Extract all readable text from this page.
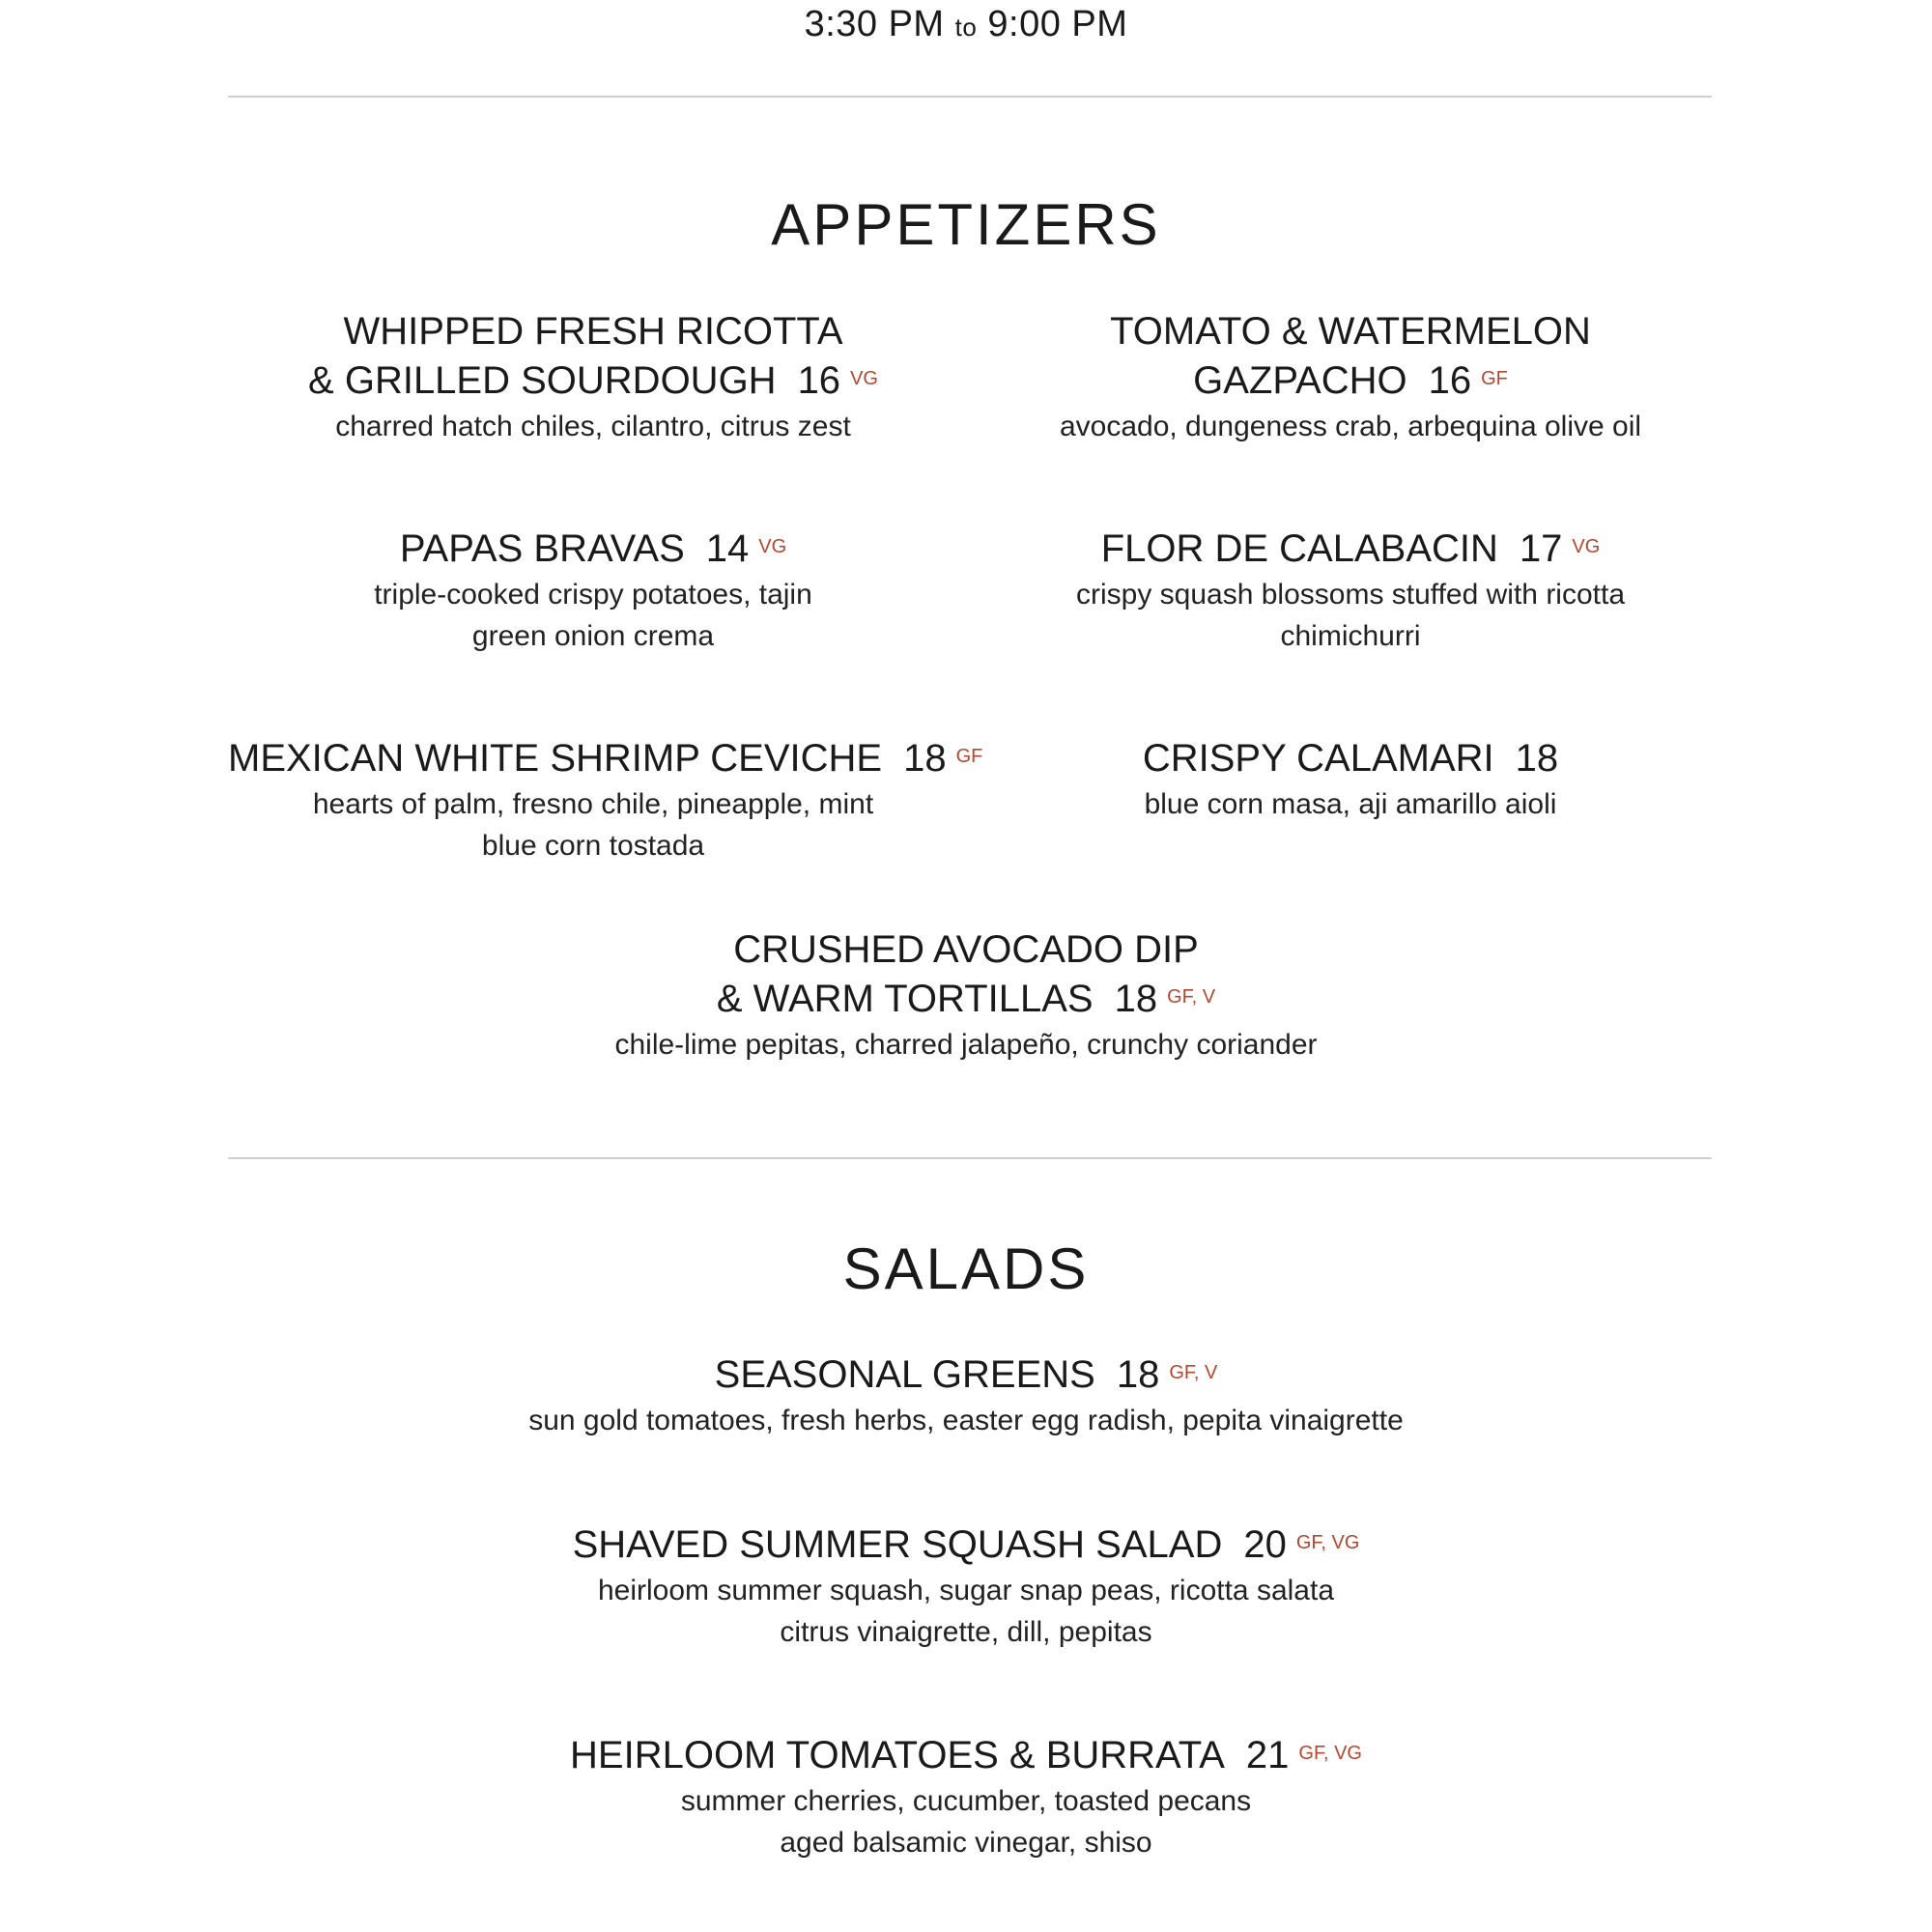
3:30 PM to 9:00 PM
APPETIZERS
WHIPPED FRESH RICOTTA
& GRILLED SOURDOUGH 16 $^{VG}$
charred hatch chiles, cilantro, citrus zest
TOMATO & WATERMELON
GAZPACHO 16 $^{GF}$
avocado, dungeness crab, arbequina olive oil
PAPAS BRAVAS 14 $^{VG}$
triple-cooked crispy potatoes, tajin
green onion crema
FLOR DE CALABACIN 17 $^{VG}$
crispy squash blossoms stuffed with ricotta
chimichurri
MEXICAN WHITE SHRIMP CEVICHE 18 $^{GF}$
hearts of palm, fresno chile, pineapple, mint
blue corn tostada
CRISPY CALAMARI 18
blue corn masa, aji amarillo aioli
CRUSHED AVOCADO DIP
& WARM TORTILLAS 18 $^{GF, V}$
chile-lime pepitas, charred jalapeño, crunchy coriander
SALADS
SEASONAL GREENS 18 $^{GF, V}$
sun gold tomatoes, fresh herbs, easter egg radish, pepita vinaigrette
SHAVED SUMMER SQUASH SALAD 20 $^{GF, VG}$
heirloom summer squash, sugar snap peas, ricotta salata
citrus vinaigrette, dill, pepitas
HEIRLOOM TOMATOES & BURRATA 21 $^{GF, VG}$
summer cherries, cucumber, toasted pecans
aged balsamic vinegar, shiso
